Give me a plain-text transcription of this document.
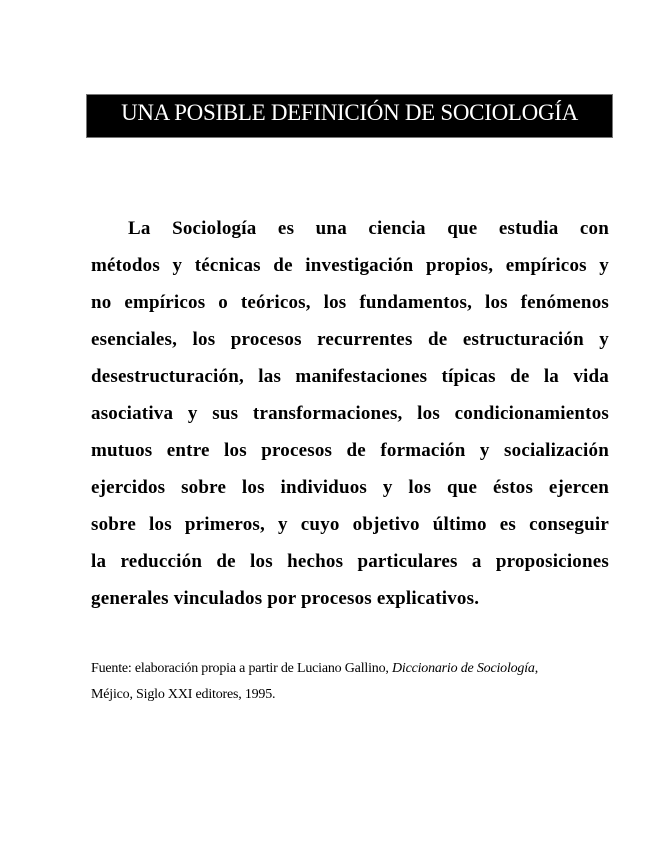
UNA POSIBLE DEFINICIÓN DE SOCIOLOGÍA
La Sociología es una ciencia que estudia con
métodos y técnicas de investigación propios, empíricos y
no empíricos o teóricos, los fundamentos, los fenómenos
esenciales, los procesos recurrentes de estructuración y
desestructuración, las manifestaciones típicas de la vida
asociativa y sus transformaciones, los condicionamientos
mutuos entre los procesos de formación y socialización
ejercidos sobre los individuos y los que éstos ejercen
sobre los primeros, y cuyo objetivo último es conseguir
la reducción de los hechos particulares a proposiciones
generales vinculados por procesos explicativos.
Fuente: elaboración propia a partir de Luciano Gallino, Diccionario de Sociología,
Méjico, Siglo XXI editores, 1995.
